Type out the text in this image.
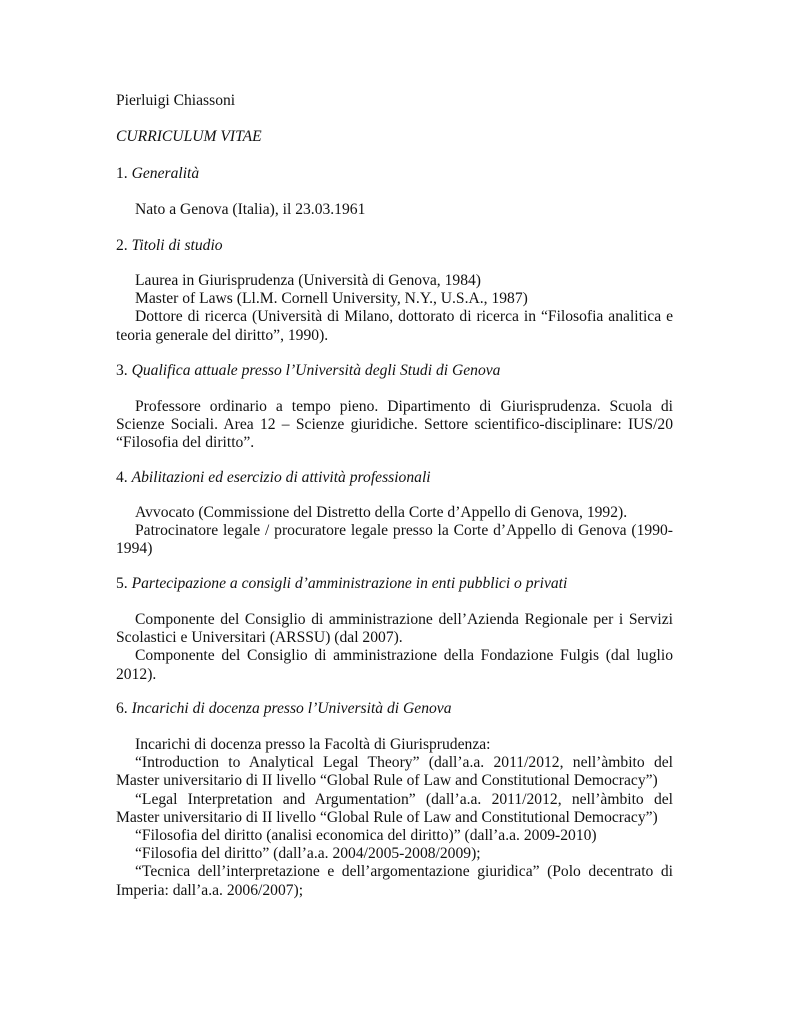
Pierluigi Chiassoni
CURRICULUM VITAE
1. Generalità
Nato a Genova (Italia), il 23.03.1961
2. Titoli di studio
Laurea in Giurisprudenza (Università di Genova, 1984)
Master of Laws (Ll.M. Cornell University, N.Y., U.S.A., 1987)
Dottore di ricerca (Università di Milano, dottorato di ricerca in “Filosofia analitica e teoria generale del diritto”, 1990).
3. Qualifica attuale presso l’Università degli Studi di Genova
Professore ordinario a tempo pieno. Dipartimento di Giurisprudenza. Scuola di Scienze Sociali. Area 12 – Scienze giuridiche. Settore scientifico-disciplinare: IUS/20 “Filosofia del diritto”.
4. Abilitazioni ed esercizio di attività professionali
Avvocato (Commissione del Distretto della Corte d’Appello di Genova, 1992).
Patrocinatore legale / procuratore legale presso la Corte d’Appello di Genova (1990-1994)
5. Partecipazione a consigli d’amministrazione in enti pubblici o privati
Componente del Consiglio di amministrazione dell’Azienda Regionale per i Servizi Scolastici e Universitari (ARSSU) (dal 2007).
Componente del Consiglio di amministrazione della Fondazione Fulgis (dal luglio 2012).
6. Incarichi di docenza presso l’Università di Genova
Incarichi di docenza presso la Facoltà di Giurisprudenza:
“Introduction to Analytical Legal Theory” (dall’a.a. 2011/2012, nell’àmbito del Master universitario di II livello “Global Rule of Law and Constitutional Democracy”)
“Legal Interpretation and Argumentation” (dall’a.a. 2011/2012, nell’àmbito del Master universitario di II livello “Global Rule of Law and Constitutional Democracy”)
“Filosofia del diritto (analisi economica del diritto)” (dall’a.a. 2009-2010)
“Filosofia del diritto” (dall’a.a. 2004/2005-2008/2009);
“Tecnica dell’interpretazione e dell’argomentazione giuridica” (Polo decentrato di Imperia: dall’a.a. 2006/2007);
